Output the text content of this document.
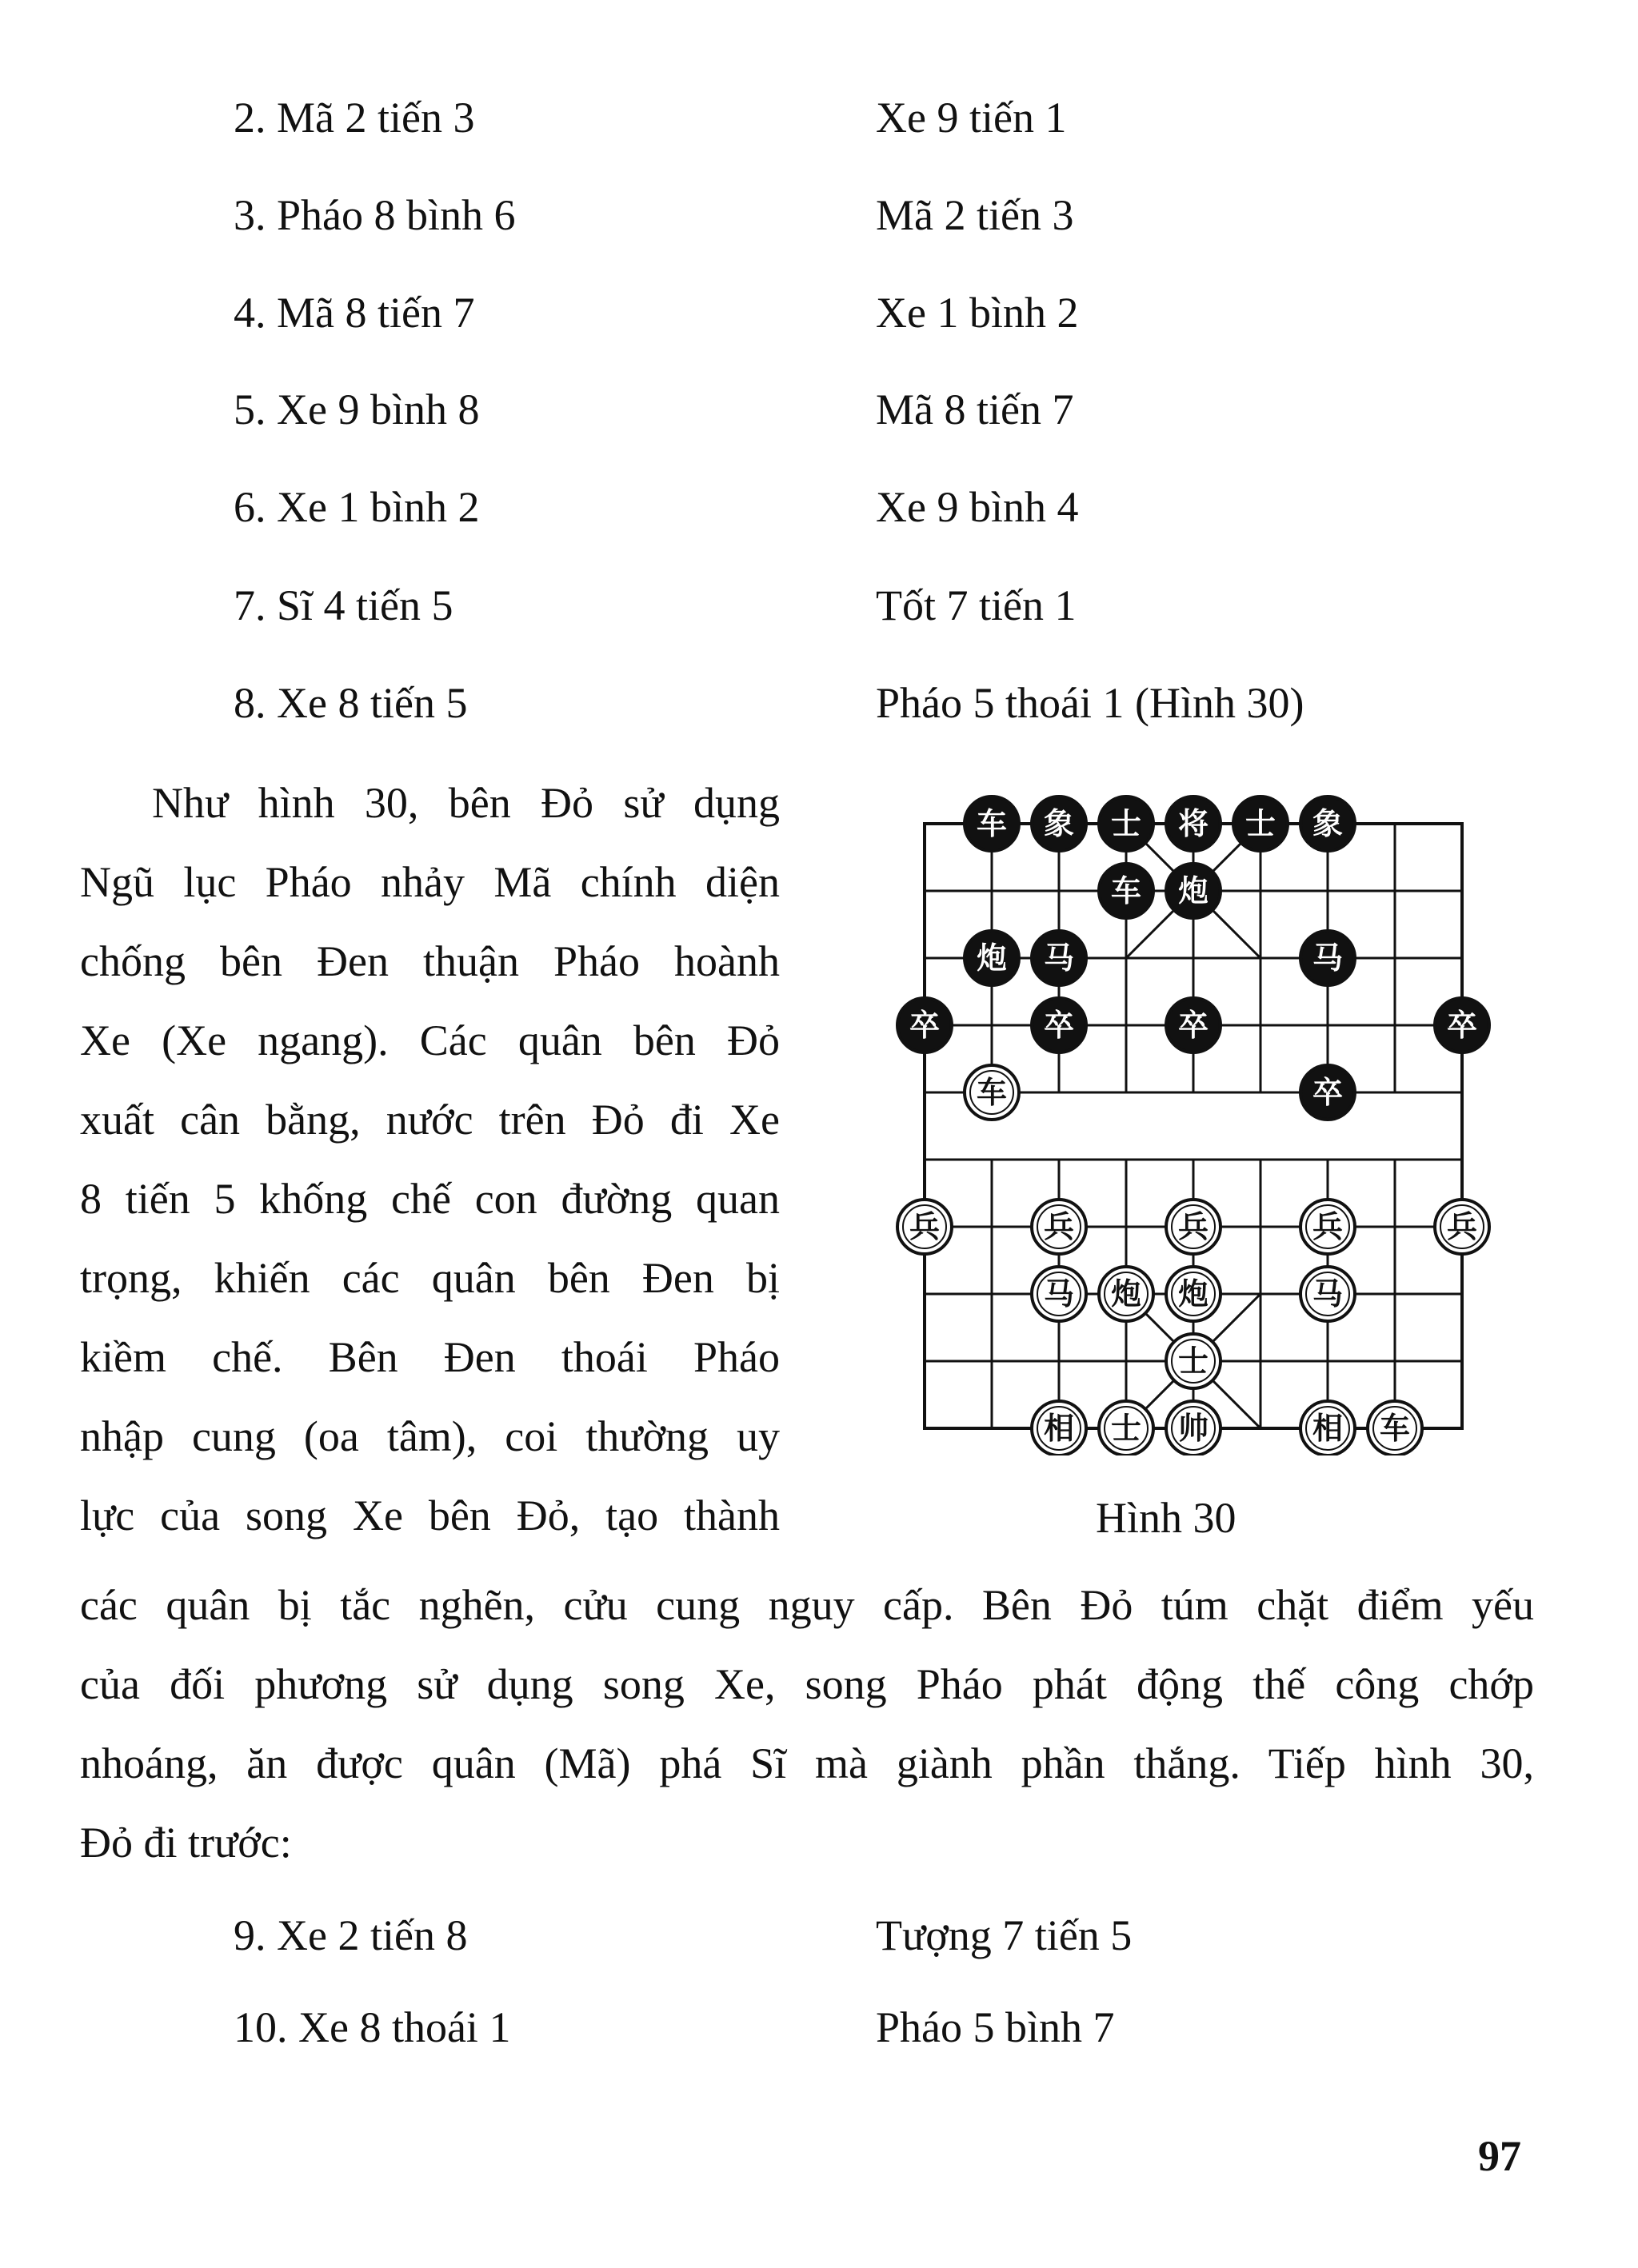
2. Mã 2 tiến 3	Xe 9 tiến 1
3. Pháo 8 bình 6	Mã 2 tiến 3
4. Mã 8 tiến 7	Xe 1 bình 2
5. Xe 9 bình 8	Mã 8 tiến 7
6. Xe 1 bình 2	Xe 9 bình 4
7. Sĩ 4 tiến 5	Tốt 7 tiến 1
8. Xe 8 tiến 5	Pháo 5 thoái 1 (Hình 30)
Như hình 30, bên Đỏ sử dụng
Ngũ lục Pháo nhảy Mã chính diện
chống bên Đen thuận Pháo hoành
Xe (Xe ngang). Các quân bên Đỏ
xuất cân bằng, nước trên Đỏ đi Xe
8 tiến 5 khống chế con đường quan
trọng, khiến các quân bên Đen bị
kiềm chế. Bên Đen thoái Pháo
nhập cung (oa tâm), coi thường uy
lực của song Xe bên Đỏ, tạo thành
车 象 士 将 士 象
车 炮
炮 马	马
卒	卒	卒	卒
车	卒
兵	兵	兵	兵	兵
马 炮 炮	马
士
相 士 帅	相 车
Hình 30
các quân bị tắc nghẽn, cửu cung nguy cấp. Bên Đỏ túm chặt điểm yếu
của đối phương sử dụng song Xe, song Pháo phát động thế công chớp
nhoáng, ăn được quân (Mã) phá Sĩ mà giành phần thắng. Tiếp hình 30,
Đỏ đi trước:
9. Xe 2 tiến 8	Tượng 7 tiến 5
10. Xe 8 thoái 1	Pháo 5 bình 7
97
